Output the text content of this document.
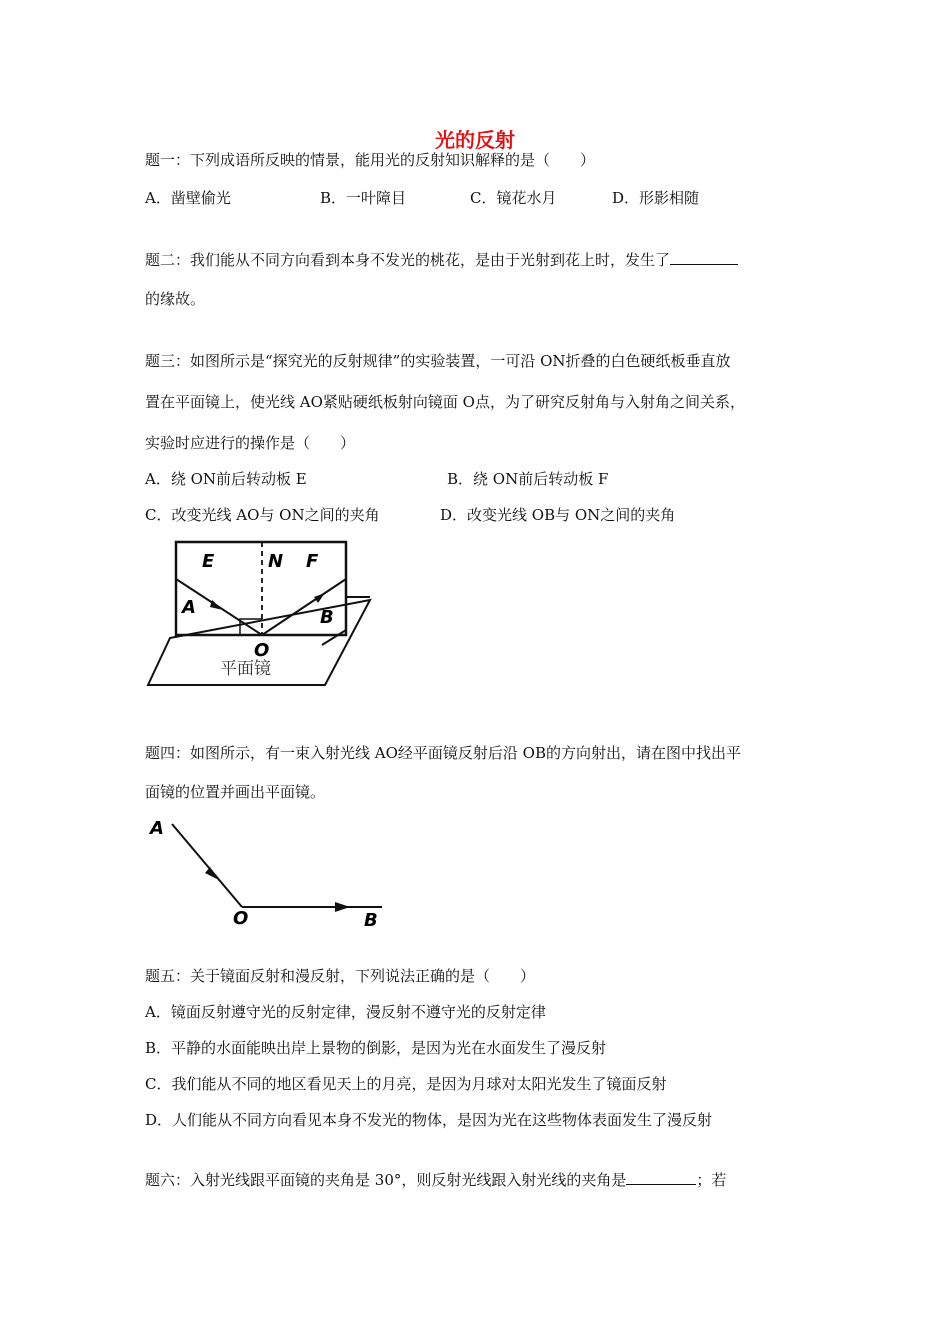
光的反射
题一：下列成语所反映的情景，能用光的反射知识解释的是（　　）
A．凿壁偷光	B．一叶障目	C．镜花水月	D．形影相随
题二：我们能从不同方向看到本身不发光的桃花，是由于光射到花上时，发生了
的缘故。
题三：如图所示是“探究光的反射规律”的实验装置，一可沿 ON折叠的白色硬纸板垂直放
置在平面镜上，使光线 AO紧贴硬纸板射向镜面 O点，为了研究反射角与入射角之间关系，
实验时应进行的操作是（　　）
A．绕 ON前后转动板 E	B．绕 ON前后转动板 F
C．改变光线 AO与 ON之间的夹角	D．改变光线 OB与 ON之间的夹角
E	N F
A	B
O
平面镜
题四：如图所示，有一束入射光线 AO经平面镜反射后沿 OB的方向射出，请在图中找出平
面镜的位置并画出平面镜。
A
O	B
题五：关于镜面反射和漫反射，下列说法正确的是（　　）
A．镜面反射遵守光的反射定律，漫反射不遵守光的反射定律
B．平静的水面能映出岸上景物的倒影，是因为光在水面发生了漫反射
C．我们能从不同的地区看见天上的月亮，是因为月球对太阳光发生了镜面反射
D．人们能从不同方向看见本身不发光的物体，是因为光在这些物体表面发生了漫反射
题六：入射光线跟平面镜的夹角是 30°，则反射光线跟入射光线的夹角是	；若
